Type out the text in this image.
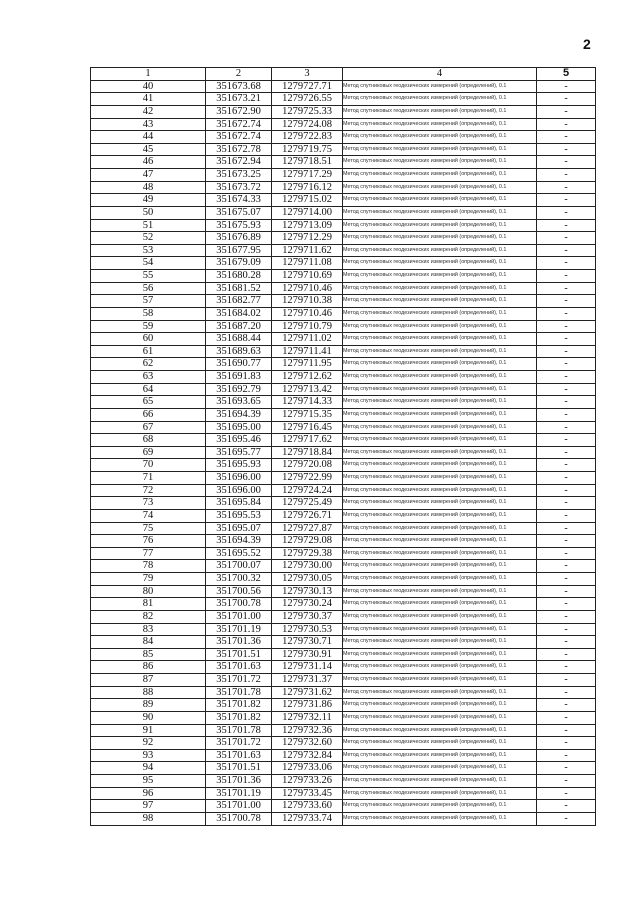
2
1	2	3	4	5
40	351673.68	1279727.71	Метод спутниковых геодезических измерений (определений), 0.1	-
41	351673.21	1279726.55	Метод спутниковых геодезических измерений (определений), 0.1	-
42	351672.90	1279725.33	Метод спутниковых геодезических измерений (определений), 0.1	-
43	351672.74	1279724.08	Метод спутниковых геодезических измерений (определений), 0.1	-
44	351672.74	1279722.83	Метод спутниковых геодезических измерений (определений), 0.1	-
45	351672.78	1279719.75	Метод спутниковых геодезических измерений (определений), 0.1	-
46	351672.94	1279718.51	Метод спутниковых геодезических измерений (определений), 0.1	-
47	351673.25	1279717.29	Метод спутниковых геодезических измерений (определений), 0.1	-
48	351673.72	1279716.12	Метод спутниковых геодезических измерений (определений), 0.1	-
49	351674.33	1279715.02	Метод спутниковых геодезических измерений (определений), 0.1	-
50	351675.07	1279714.00	Метод спутниковых геодезических измерений (определений), 0.1	-
51	351675.93	1279713.09	Метод спутниковых геодезических измерений (определений), 0.1	-
52	351676.89	1279712.29	Метод спутниковых геодезических измерений (определений), 0.1	-
53	351677.95	1279711.62	Метод спутниковых геодезических измерений (определений), 0.1	-
54	351679.09	1279711.08	Метод спутниковых геодезических измерений (определений), 0.1	-
55	351680.28	1279710.69	Метод спутниковых геодезических измерений (определений), 0.1	-
56	351681.52	1279710.46	Метод спутниковых геодезических измерений (определений), 0.1	-
57	351682.77	1279710.38	Метод спутниковых геодезических измерений (определений), 0.1	-
58	351684.02	1279710.46	Метод спутниковых геодезических измерений (определений), 0.1	-
59	351687.20	1279710.79	Метод спутниковых геодезических измерений (определений), 0.1	-
60	351688.44	1279711.02	Метод спутниковых геодезических измерений (определений), 0.1	-
61	351689.63	1279711.41	Метод спутниковых геодезических измерений (определений), 0.1	-
62	351690.77	1279711.95	Метод спутниковых геодезических измерений (определений), 0.1	-
63	351691.83	1279712.62	Метод спутниковых геодезических измерений (определений), 0.1	-
64	351692.79	1279713.42	Метод спутниковых геодезических измерений (определений), 0.1	-
65	351693.65	1279714.33	Метод спутниковых геодезических измерений (определений), 0.1	-
66	351694.39	1279715.35	Метод спутниковых геодезических измерений (определений), 0.1	-
67	351695.00	1279716.45	Метод спутниковых геодезических измерений (определений), 0.1	-
68	351695.46	1279717.62	Метод спутниковых геодезических измерений (определений), 0.1	-
69	351695.77	1279718.84	Метод спутниковых геодезических измерений (определений), 0.1	-
70	351695.93	1279720.08	Метод спутниковых геодезических измерений (определений), 0.1	-
71	351696.00	1279722.99	Метод спутниковых геодезических измерений (определений), 0.1	-
72	351696.00	1279724.24	Метод спутниковых геодезических измерений (определений), 0.1	-
73	351695.84	1279725.49	Метод спутниковых геодезических измерений (определений), 0.1	-
74	351695.53	1279726.71	Метод спутниковых геодезических измерений (определений), 0.1	-
75	351695.07	1279727.87	Метод спутниковых геодезических измерений (определений), 0.1	-
76	351694.39	1279729.08	Метод спутниковых геодезических измерений (определений), 0.1	-
77	351695.52	1279729.38	Метод спутниковых геодезических измерений (определений), 0.1	-
78	351700.07	1279730.00	Метод спутниковых геодезических измерений (определений), 0.1	-
79	351700.32	1279730.05	Метод спутниковых геодезических измерений (определений), 0.1	-
80	351700.56	1279730.13	Метод спутниковых геодезических измерений (определений), 0.1	-
81	351700.78	1279730.24	Метод спутниковых геодезических измерений (определений), 0.1	-
82	351701.00	1279730.37	Метод спутниковых геодезических измерений (определений), 0.1	-
83	351701.19	1279730.53	Метод спутниковых геодезических измерений (определений), 0.1	-
84	351701.36	1279730.71	Метод спутниковых геодезических измерений (определений), 0.1	-
85	351701.51	1279730.91	Метод спутниковых геодезических измерений (определений), 0.1	-
86	351701.63	1279731.14	Метод спутниковых геодезических измерений (определений), 0.1	-
87	351701.72	1279731.37	Метод спутниковых геодезических измерений (определений), 0.1	-
88	351701.78	1279731.62	Метод спутниковых геодезических измерений (определений), 0.1	-
89	351701.82	1279731.86	Метод спутниковых геодезических измерений (определений), 0.1	-
90	351701.82	1279732.11	Метод спутниковых геодезических измерений (определений), 0.1	-
91	351701.78	1279732.36	Метод спутниковых геодезических измерений (определений), 0.1	-
92	351701.72	1279732.60	Метод спутниковых геодезических измерений (определений), 0.1	-
93	351701.63	1279732.84	Метод спутниковых геодезических измерений (определений), 0.1	-
94	351701.51	1279733.06	Метод спутниковых геодезических измерений (определений), 0.1	-
95	351701.36	1279733.26	Метод спутниковых геодезических измерений (определений), 0.1	-
96	351701.19	1279733.45	Метод спутниковых геодезических измерений (определений), 0.1	-
97	351701.00	1279733.60	Метод спутниковых геодезических измерений (определений), 0.1	-
98	351700.78	1279733.74	Метод спутниковых геодезических измерений (определений), 0.1	-
